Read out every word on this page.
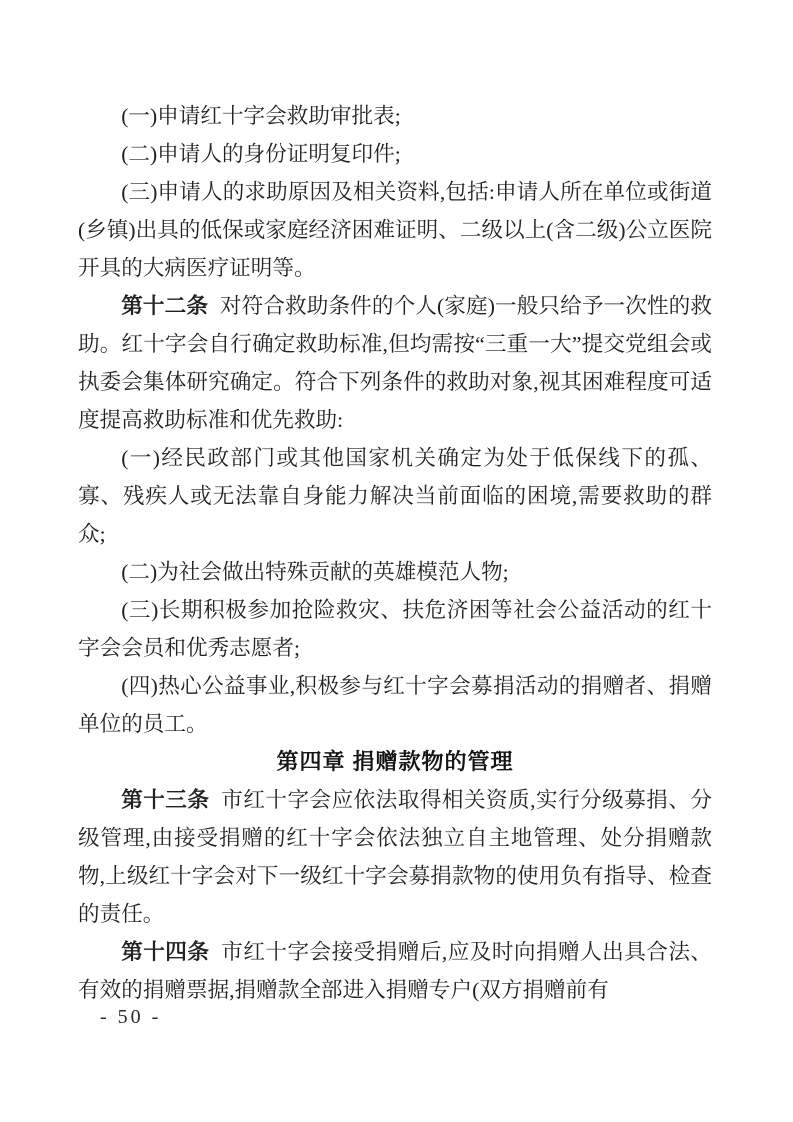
(一)申请红十字会救助审批表;

(二)申请人的身份证明复印件;

(三)申请人的求助原因及相关资料,包括:申请人所在单位或街道(乡镇)出具的低保或家庭经济困难证明、二级以上(含二级)公立医院开具的大病医疗证明等。

第十二条 对符合救助条件的个人(家庭)一般只给予一次性的救助。红十字会自行确定救助标准,但均需按“三重一大”提交党组会或执委会集体研究确定。符合下列条件的救助对象,视其困难程度可适度提高救助标准和优先救助:

(一)经民政部门或其他国家机关确定为处于低保线下的孤、寡、残疾人或无法靠自身能力解决当前面临的困境,需要救助的群众;

(二)为社会做出特殊贡献的英雄模范人物;

(三)长期积极参加抢险救灾、扶危济困等社会公益活动的红十字会会员和优秀志愿者;

(四)热心公益事业,积极参与红十字会募捐活动的捐赠者、捐赠单位的员工。

第四章 捐赠款物的管理

第十三条 市红十字会应依法取得相关资质,实行分级募捐、分级管理,由接受捐赠的红十字会依法独立自主地管理、处分捐赠款物,上级红十字会对下一级红十字会募捐款物的使用负有指导、检查的责任。

第十四条 市红十字会接受捐赠后,应及时向捐赠人出具合法、有效的捐赠票据,捐赠款全部进入捐赠专户(双方捐赠前有

- 50 -
